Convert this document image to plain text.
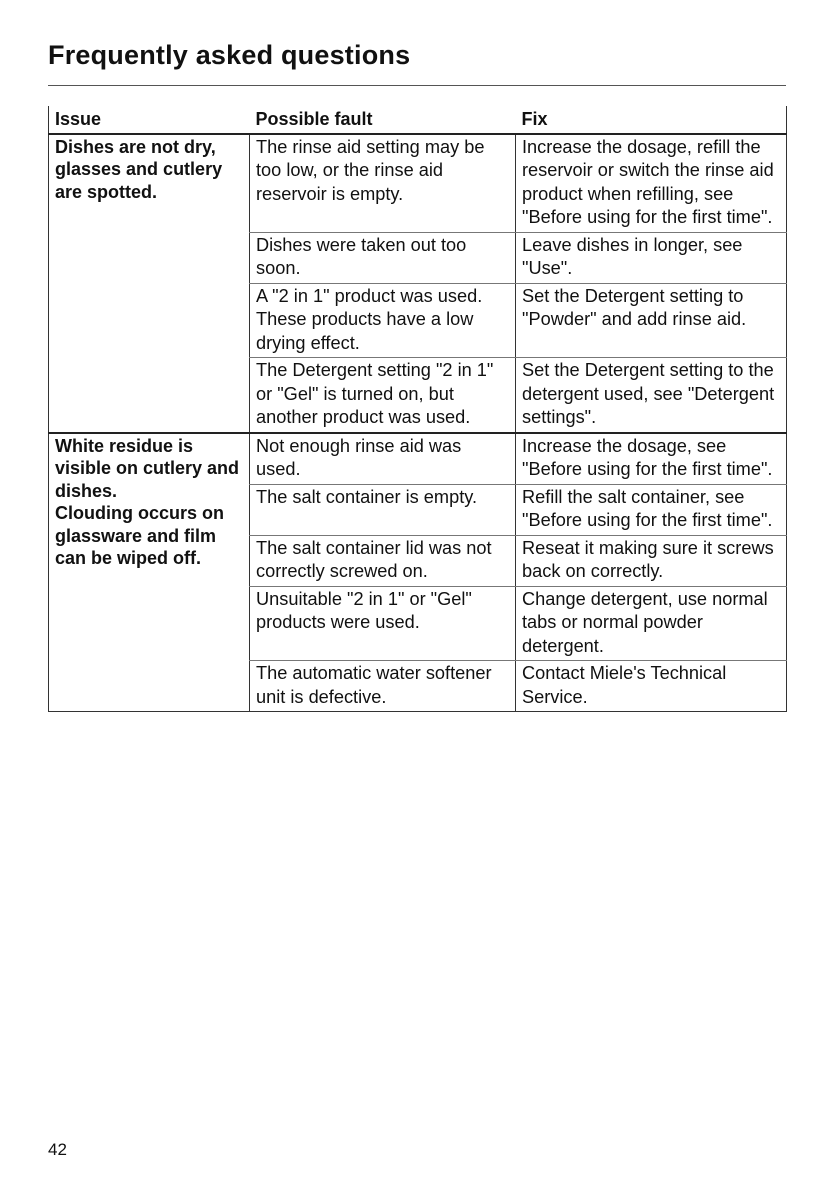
Frequently asked questions
Issue	Possible fault	Fix
Dishes are not dry, glasses and cutlery are spotted.	The rinse aid setting may be too low, or the rinse aid reservoir is empty.	Increase the dosage, refill the reservoir or switch the rinse aid product when refilling, see "Before using for the first time".
	Dishes were taken out too soon.	Leave dishes in longer, see "Use".
	A "2 in 1" product was used. These products have a low drying effect.	Set the Detergent setting to "Powder" and add rinse aid.
	The Detergent setting "2 in 1" or "Gel" is turned on, but another product was used.	Set the Detergent setting to the detergent used, see "Detergent settings".

White residue is visible on cutlery and dishes.
Clouding occurs on glassware and film can be wiped off.	Not enough rinse aid was used.	Increase the dosage, see "Before using for the first time".
	The salt container is empty.	Refill the salt container, see "Before using for the first time".
	The salt container lid was not correctly screwed on.	Reseat it making sure it screws back on correctly.
	Unsuitable "2 in 1" or "Gel" products were used.	Change detergent, use normal tabs or normal powder detergent.
	The automatic water softener unit is defective.	Contact Miele's Technical Service.
42
